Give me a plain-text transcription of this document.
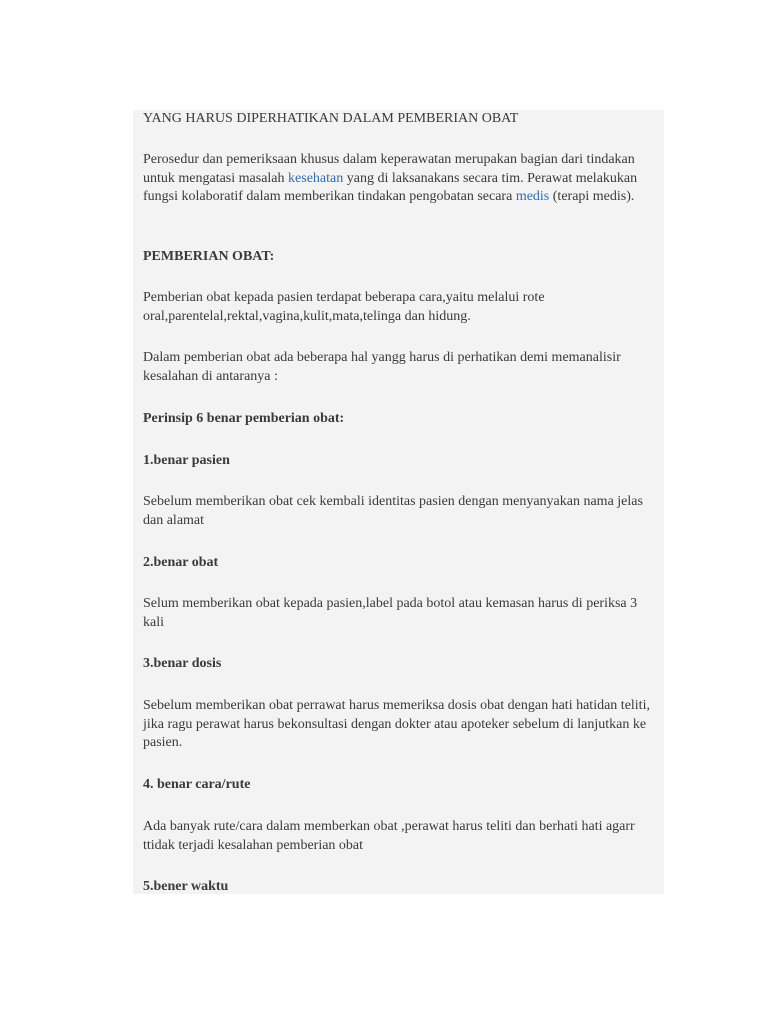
YANG HARUS DIPERHATIKAN DALAM PEMBERIAN OBAT

Perosedur dan pemeriksaan khusus dalam keperawatan merupakan bagian dari tindakan untuk mengatasi masalah kesehatan yang di laksanakans secara tim. Perawat melakukan fungsi kolaboratif dalam memberikan tindakan pengobatan secara medis (terapi medis).

PEMBERIAN OBAT:

Pemberian obat kepada pasien terdapat beberapa cara,yaitu melalui rote oral,parentelal,rektal,vagina,kulit,mata,telinga dan hidung.

Dalam pemberian obat ada beberapa hal yangg harus di perhatikan demi memanalisir kesalahan di antaranya :

Perinsip 6 benar pemberian obat:

1.benar pasien

Sebelum memberikan obat cek kembali identitas pasien dengan menyanyakan nama jelas dan alamat

2.benar obat

Selum memberikan obat kepada pasien,label pada botol atau kemasan harus di periksa 3 kali

3.benar dosis

Sebelum memberikan obat perrawat harus memeriksa dosis obat dengan hati hatidan teliti, jika ragu perawat harus bekonsultasi dengan dokter atau apoteker sebelum di lanjutkan ke pasien.

4. benar cara/rute

Ada banyak rute/cara dalam memberkan obat ,perawat harus teliti dan berhati hati agarr ttidak terjadi kesalahan pemberian obat

5.bener waktu
